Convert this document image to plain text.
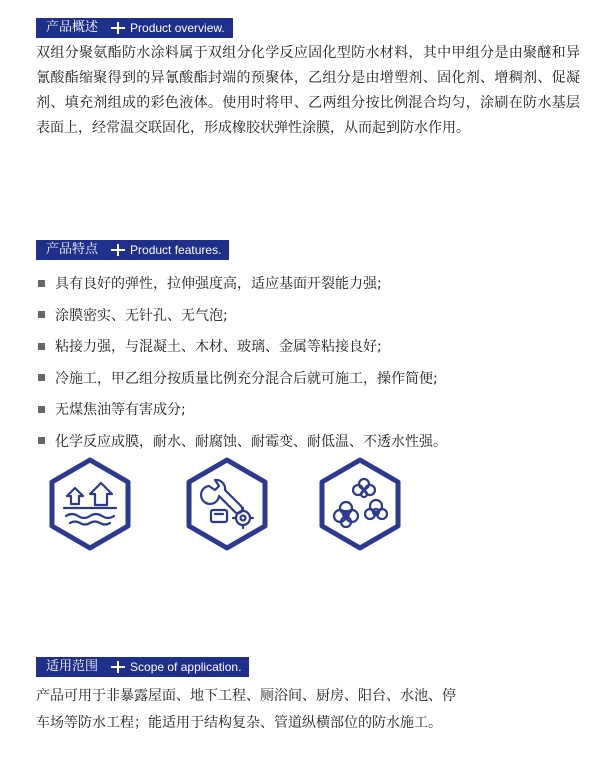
产品概述	Product overview.

双组分聚氨酯防水涂料属于双组分化学反应固化型防水材料，其中甲组分是由聚醚和异氰酸酯缩聚得到的异氰酸酯封端的预聚体，乙组分是由增塑剂、固化剂、增稠剂、促凝剂、填充剂组成的彩色液体。使用时将甲、乙两组分按比例混合均匀，涂刷在防水基层表面上，经常温交联固化，形成橡胶状弹性涂膜，从而起到防水作用。

产品特点	Product features.
具有良好的弹性，拉伸强度高，适应基面开裂能力强;
涂膜密实、无针孔、无气泡;
粘接力强，与混凝土、木材、玻璃、金属等粘接良好;
冷施工，甲乙组分按质量比例充分混合后就可施工，操作简便;
无煤焦油等有害成分;
化学反应成膜，耐水、耐腐蚀、耐霉变、耐低温、不透水性强。
适用范围	Scope of application.

产品可用于非暴露屋面、地下工程、厕浴间、厨房、阳台、水池、停

车场等防水工程；能适用于结构复杂、管道纵横部位的防水施工。
